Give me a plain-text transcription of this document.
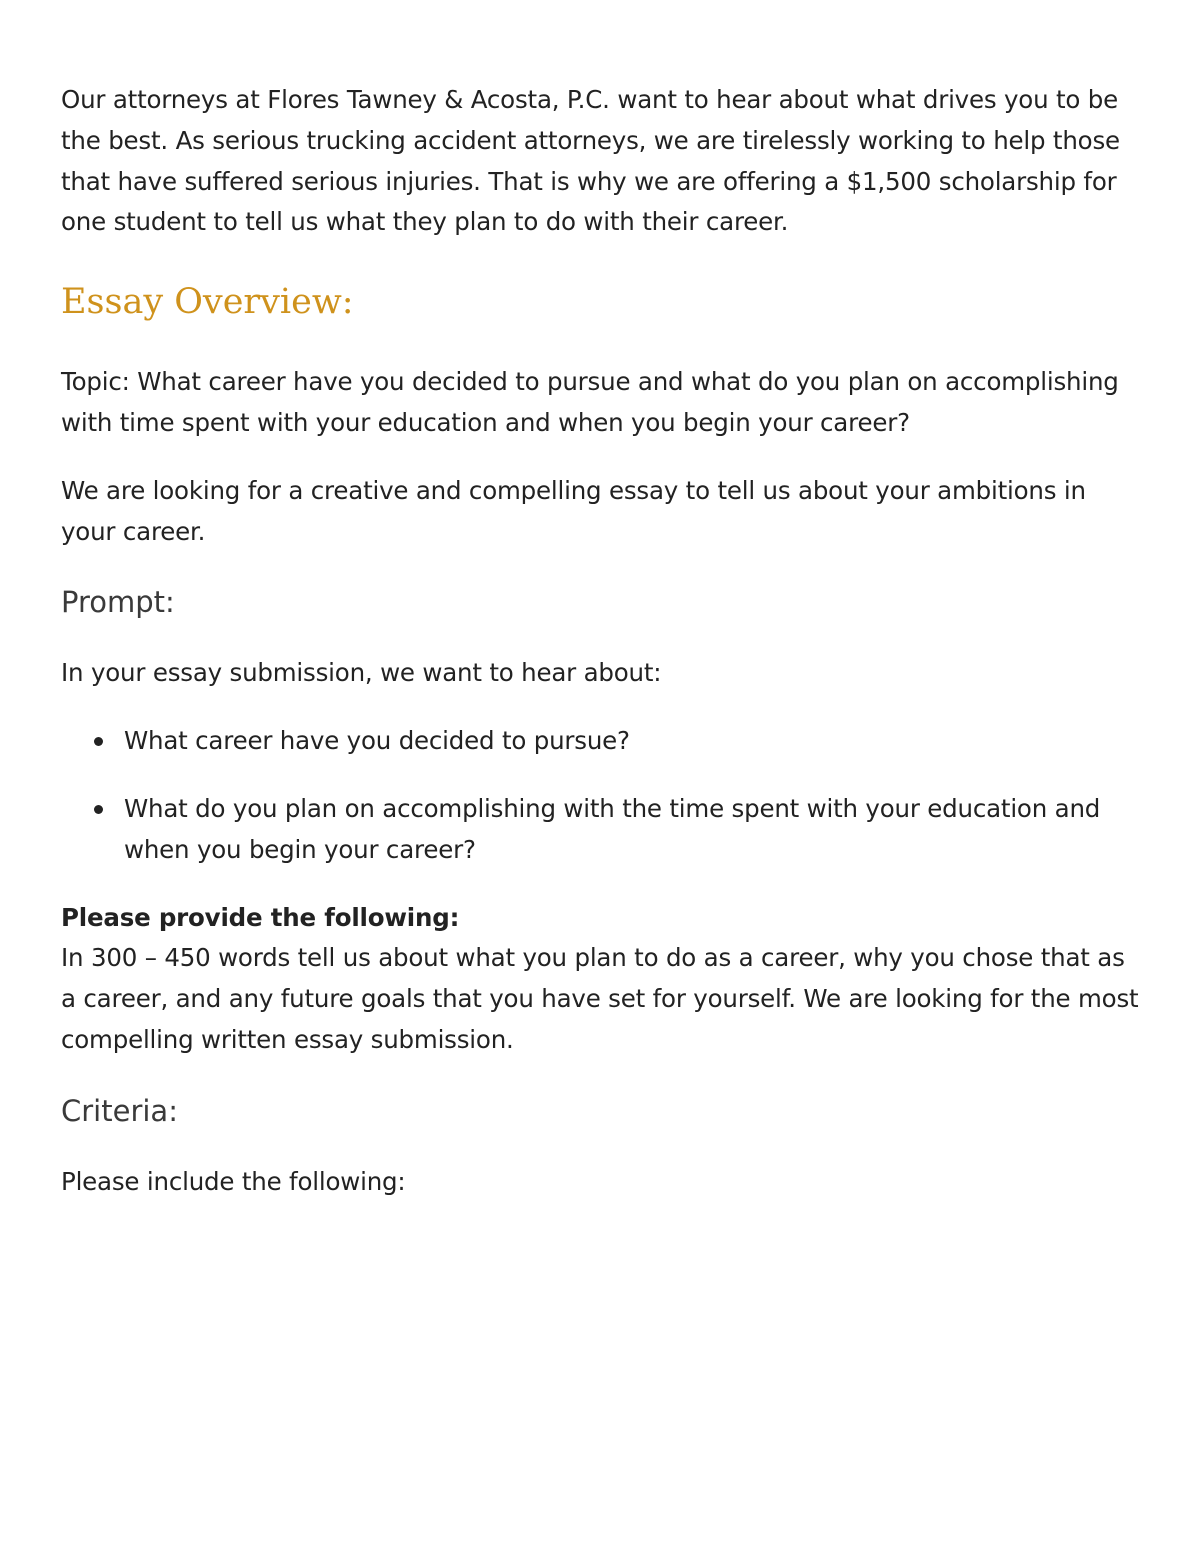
Our attorneys at Flores Tawney & Acosta, P.C. want to hear about what drives you to be the best. As serious trucking accident attorneys, we are tirelessly working to help those that have suffered serious injuries. That is why we are offering a $1,500 scholarship for one student to tell us what they plan to do with their career.

Essay Overview:

Topic: What career have you decided to pursue and what do you plan on accomplishing with time spent with your education and when you begin your career?

We are looking for a creative and compelling essay to tell us about your ambitions in your career.

Prompt:

In your essay submission, we want to hear about:

What career have you decided to pursue?
What do you plan on accomplishing with the time spent with your education and when you begin your career?

Please provide the following:
In 300 – 450 words tell us about what you plan to do as a career, why you chose that as a career, and any future goals that you have set for yourself. We are looking for the most compelling written essay submission.

Criteria:

Please include the following:
